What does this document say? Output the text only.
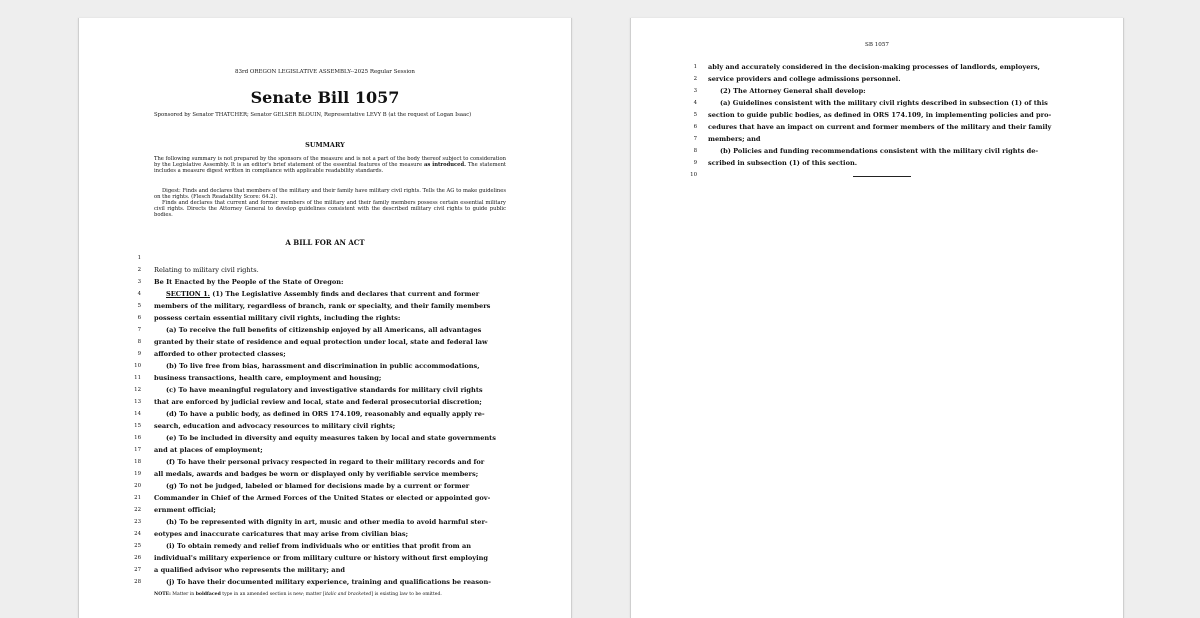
83rd OREGON LEGISLATIVE ASSEMBLY--2025 Regular Session
Senate Bill 1057
Sponsored by Senator THATCHER; Senator GELSER BLOUIN, Representative LEVY B (at the request of Logan Isaac)
SUMMARY
The following summary is not prepared by the sponsors of the measure and is not a part of the body thereof subject to consideration by the Legislative Assembly. It is an editor's brief statement of the essential features of the measure as introduced. The statement includes a measure digest written in compliance with applicable readability standards.

Digest: Finds and declares that members of the military and their family have military civil rights. Tells the AG to make guidelines on the rights. (Flesch Readability Score: 64.2).

Finds and declares that current and former members of the military and their family members possess certain essential military civil rights. Directs the Attorney General to develop guidelines consistent with the described military civil rights to guide public bodies.

A BILL FOR AN ACT
1
2 Relating to military civil rights.
3 Be It Enacted by the People of the State of Oregon:
4	SECTION 1. (1) The Legislative Assembly finds and declares that current and former
5 members of the military, regardless of branch, rank or specialty, and their family members
6 possess certain essential military civil rights, including the rights:
7	(a) To receive the full benefits of citizenship enjoyed by all Americans, all advantages
8 granted by their state of residence and equal protection under local, state and federal law
9 afforded to other protected classes;
10	(b) To live free from bias, harassment and discrimination in public accommodations,
11 business transactions, health care, employment and housing;
12	(c) To have meaningful regulatory and investigative standards for military civil rights
13 that are enforced by judicial review and local, state and federal prosecutorial discretion;
14	(d) To have a public body, as defined in ORS 174.109, reasonably and equally apply re-
15 search, education and advocacy resources to military civil rights;
16	(e) To be included in diversity and equity measures taken by local and state governments
17 and at places of employment;
18	(f) To have their personal privacy respected in regard to their military records and for
19 all medals, awards and badges be worn or displayed only by verifiable service members;
20	(g) To not be judged, labeled or blamed for decisions made by a current or former
21 Commander in Chief of the Armed Forces of the United States or elected or appointed gov-
22 ernment official;
23	(h) To be represented with dignity in art, music and other media to avoid harmful ster-
24 eotypes and inaccurate caricatures that may arise from civilian bias;
25	(i) To obtain remedy and relief from individuals who or entities that profit from an
26 individual's military experience or from military culture or history without first employing
27 a qualified advisor who represents the military; and
28	(j) To have their documented military experience, training and qualifications be reason-
NOTE: Matter in boldfaced type in an amended section is new; matter [italic and bracketed] is existing law to be omitted.
SB 1057
1 ably and accurately considered in the decision-making processes of landlords, employers,
2 service providers and college admissions personnel.
3	(2) The Attorney General shall develop:
4	(a) Guidelines consistent with the military civil rights described in subsection (1) of this
5 section to guide public bodies, as defined in ORS 174.109, in implementing policies and pro-
6 cedures that have an impact on current and former members of the military and their family
7 members; and
8	(b) Policies and funding recommendations consistent with the military civil rights de-
9 scribed in subsection (1) of this section.
10
